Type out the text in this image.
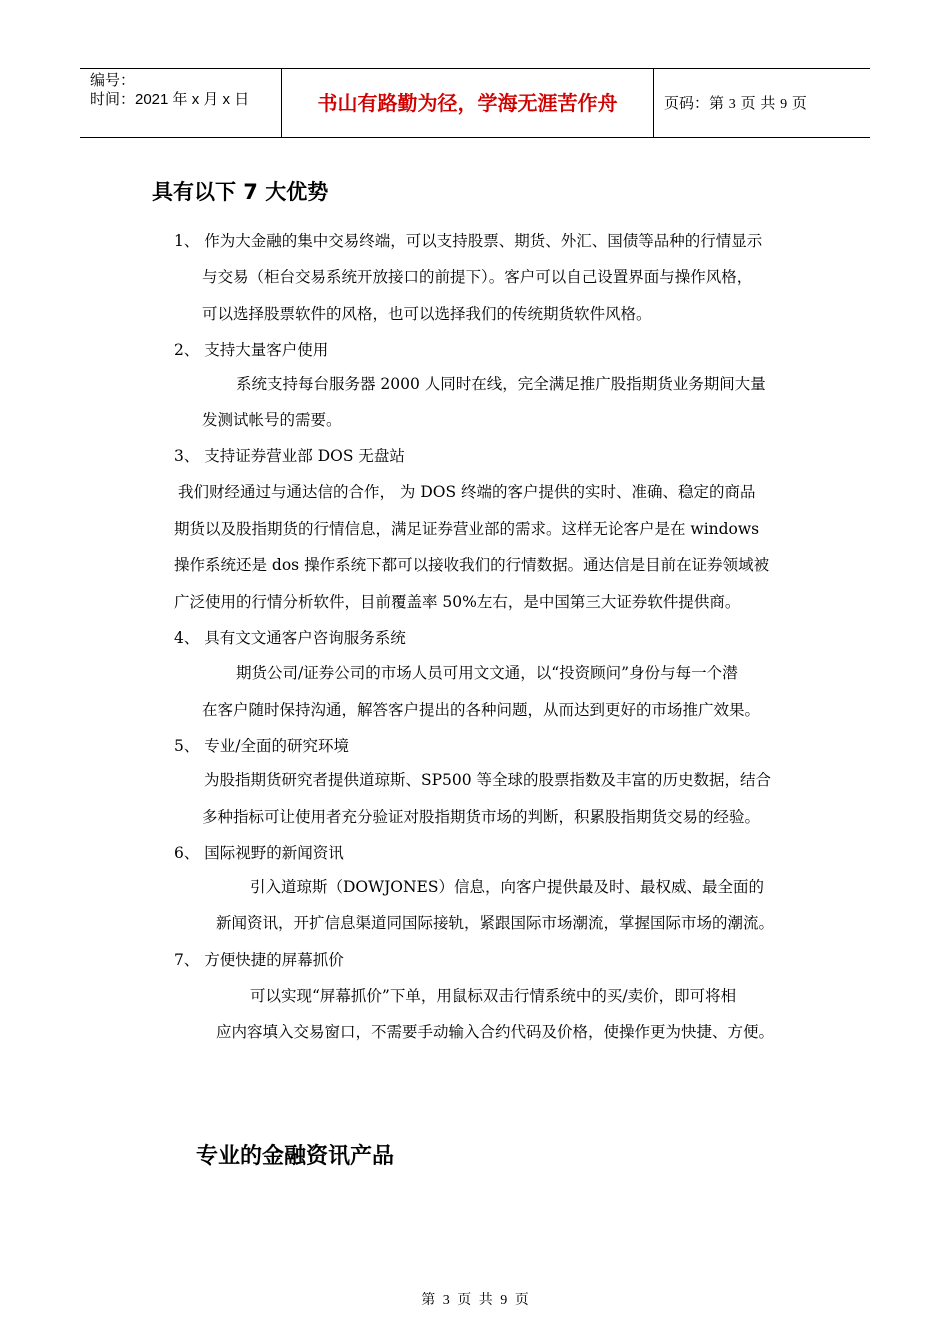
编号：
时间：2021 年 x 月 x 日	书山有路勤为径，学海无涯苦作舟	页码：第 3 页 共 9 页
具有以下 7 大优势
1、 作为大金融的集中交易终端，可以支持股票、期货、外汇、国债等品种的行情显示
与交易（柜台交易系统开放接口的前提下）。客户可以自己设置界面与操作风格，
可以选择股票软件的风格，也可以选择我们的传统期货软件风格。
2、 支持大量客户使用
系统支持每台服务器 2000 人同时在线，完全满足推广股指期货业务期间大量
发测试帐号的需要。
3、 支持证券营业部 DOS 无盘站
我们财经通过与通达信的合作， 为 DOS 终端的客户提供的实时、准确、稳定的商品
期货以及股指期货的行情信息，满足证券营业部的需求。这样无论客户是在 windows
操作系统还是 dos 操作系统下都可以接收我们的行情数据。通达信是目前在证券领域被
广泛使用的行情分析软件，目前覆盖率 50%左右，是中国第三大证券软件提供商。
4、 具有文文通客户咨询服务系统
期货公司/证券公司的市场人员可用文文通，以“投资顾问”身份与每一个潜
在客户随时保持沟通，解答客户提出的各种问题，从而达到更好的市场推广效果。
5、 专业/全面的研究环境
为股指期货研究者提供道琼斯、SP500 等全球的股票指数及丰富的历史数据，结合
多种指标可让使用者充分验证对股指期货市场的判断，积累股指期货交易的经验。
6、 国际视野的新闻资讯
引入道琼斯（DOWJONES）信息，向客户提供最及时、最权威、最全面的
新闻资讯，开扩信息渠道同国际接轨，紧跟国际市场潮流，掌握国际市场的潮流。
7、 方便快捷的屏幕抓价
可以实现“屏幕抓价”下单，用鼠标双击行情系统中的买/卖价，即可将相
应内容填入交易窗口，不需要手动输入合约代码及价格，使操作更为快捷、方便。
专业的金融资讯产品
第 3 页 共 9 页
